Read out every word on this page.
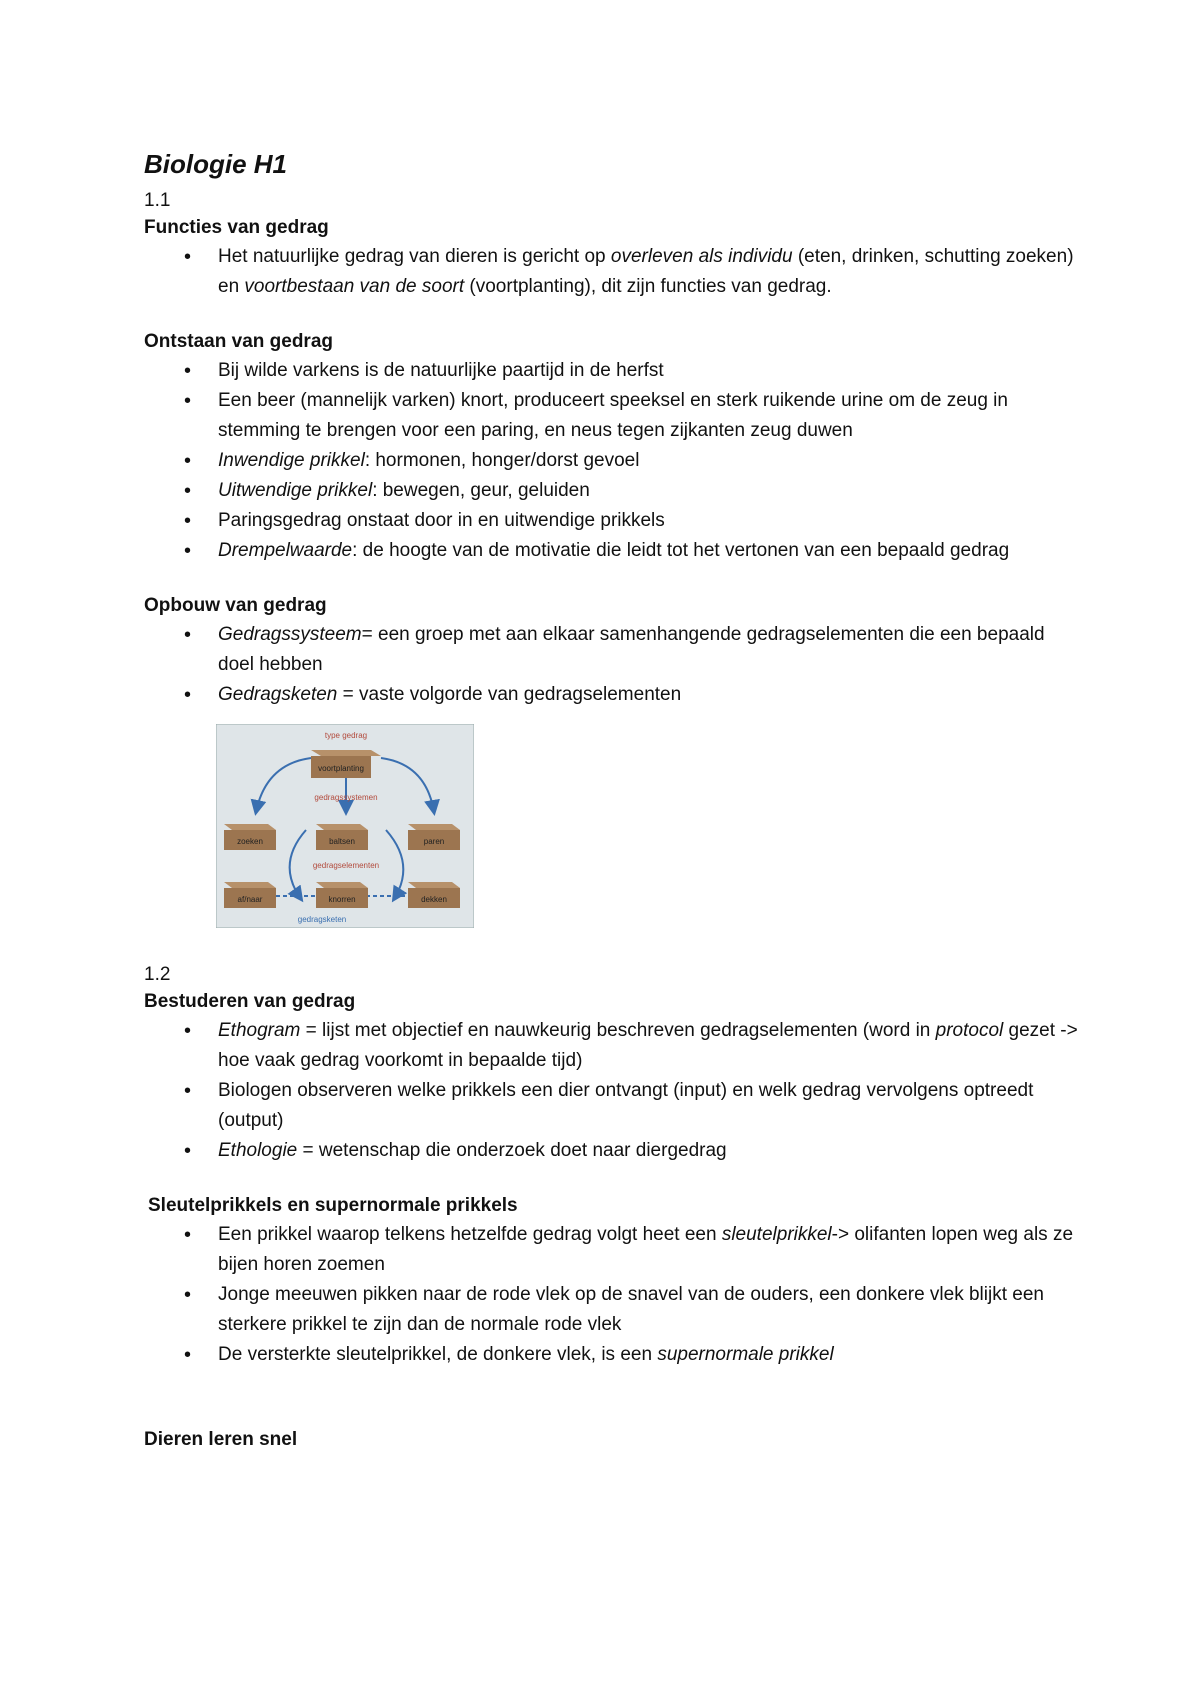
Biologie H1
1.1
Functies van gedrag
• Het natuurlijke gedrag van dieren is gericht op overleven als individu (eten, drinken, schutting zoeken) en voortbestaan van de soort (voortplanting), dit zijn functies van gedrag.
Ontstaan van gedrag
• Bij wilde varkens is de natuurlijke paartijd in de herfst
• Een beer (mannelijk varken) knort, produceert speeksel en sterk ruikende urine om de zeug in stemming te brengen voor een paring, en neus tegen zijkanten zeug duwen
• Inwendige prikkel: hormonen, honger/dorst gevoel
• Uitwendige prikkel: bewegen, geur, geluiden
• Paringsgedrag onstaat door in en uitwendige prikkels
• Drempelwaarde: de hoogte van de motivatie die leidt tot het vertonen van een bepaald gedrag
Opbouw van gedrag
• Gedragssysteem= een groep met aan elkaar samenhangende gedragselementen die een bepaald doel hebben
• Gedragsketen = vaste volgorde van gedragselementen
voortplanting
zoeken	baltsen	paren
af/naar	knorren	dekken
type gedrag
gedragssystemen
gedragselementen
gedragsketen
1.2
Bestuderen van gedrag
• Ethogram = lijst met objectief en nauwkeurig beschreven gedragselementen (word in protocol gezet -> hoe vaak gedrag voorkomt in bepaalde tijd)
• Biologen observeren welke prikkels een dier ontvangt (input) en welk gedrag vervolgens optreedt (output)
• Ethologie = wetenschap die onderzoek doet naar diergedrag
Sleutelprikkels en supernormale prikkels
• Een prikkel waarop telkens hetzelfde gedrag volgt heet een sleutelprikkel-> olifanten lopen weg als ze bijen horen zoemen
• Jonge meeuwen pikken naar de rode vlek op de snavel van de ouders, een donkere vlek blijkt een sterkere prikkel te zijn dan de normale rode vlek
• De versterkte sleutelprikkel, de donkere vlek, is een supernormale prikkel
Dieren leren snel
